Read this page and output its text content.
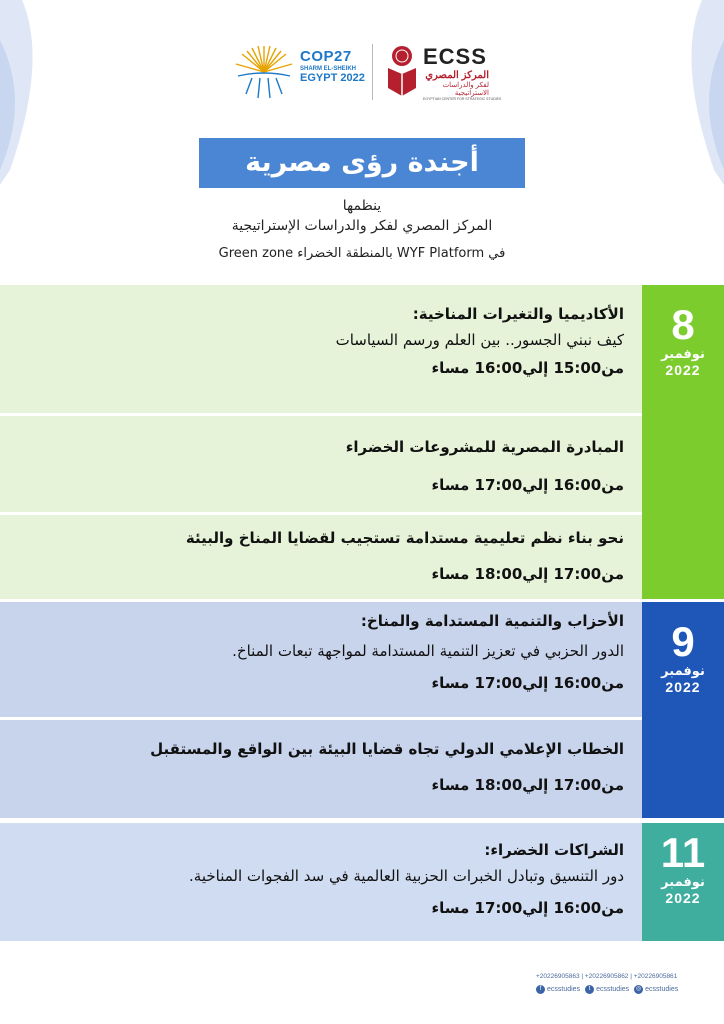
COP27
SHARM EL-SHEIKH
EGYPT 2022
ECSS
المركز المصري
لفكر والدراسات الاستراتيجية
EGYPTIAN CENTER FOR STRATEGIC STUDIES
أجندة رؤى مصرية
ينظمها
المركز المصري لفكر والدراسات الإستراتيجية
في WYF Platform بالمنطقة الخضراء Green zone
8
نوفمبر
2022
الأكاديميا والتغيرات المناخية:
كيف نبني الجسور.. بين العلم ورسم السياسات
من15:00 إلي16:00 مساء
المبادرة المصرية للمشروعات الخضراء
من16:00 إلي17:00 مساء
نحو بناء نظم تعليمية مستدامة تستجيب لقضايا المناخ والبيئة
من17:00 إلي18:00 مساء
9
نوفمبر
2022
الأحزاب والتنمية المستدامة والمناخ:
الدور الحزبي في تعزيز التنمية المستدامة لمواجهة تبعات المناخ.
من16:00 إلي17:00 مساء
الخطاب الإعلامي الدولي تجاه قضايا البيئة بين الواقع والمستقبل
من17:00 إلي18:00 مساء
11
نوفمبر
2022
الشراكات الخضراء:
دور التنسيق وتبادل الخبرات الحزبية العالمية في سد الفجوات المناخية.
من16:00 إلي17:00 مساء
+20226905863 | +20226905862 | +20226905861
f ecsstudies	t ecsstudies	◎ ecsstudies
